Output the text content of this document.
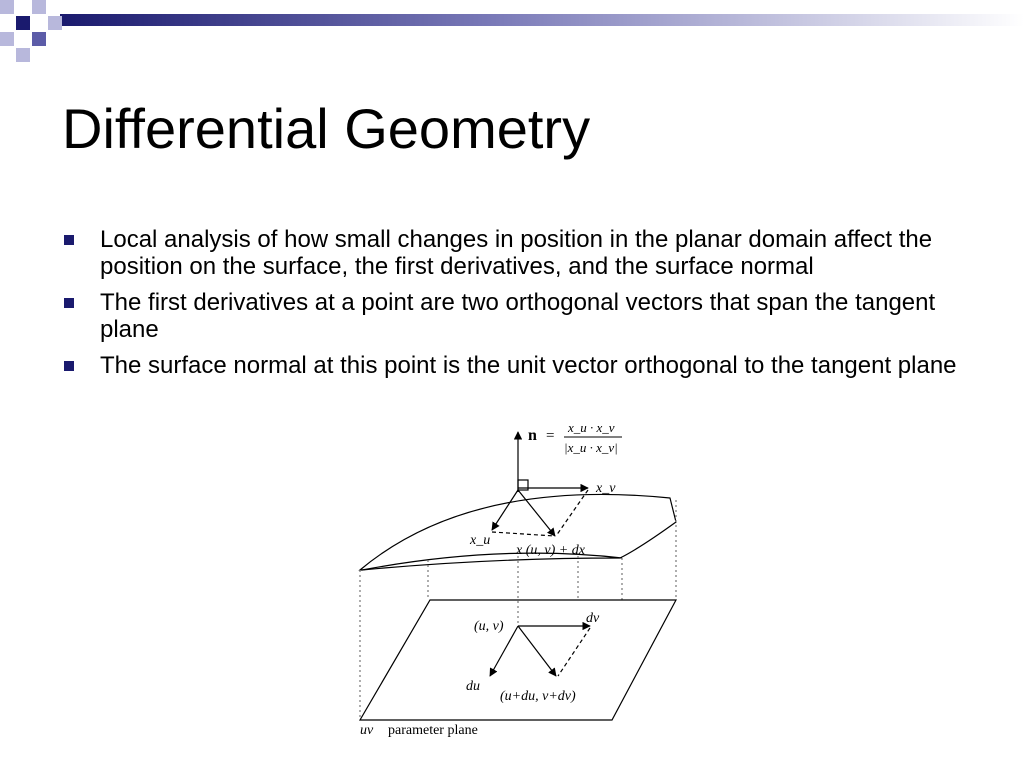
Differential Geometry
Local analysis of how small changes in position in the planar domain affect the position on the surface, the first derivatives, and the surface normal
The first derivatives at a point are two orthogonal vectors that span the tangent plane
The surface normal at this point is the unit vector orthogonal to the tangent plane
n =
x_u · x_v
|x_u · x_v|
x_v
x_u
x (u, v) + dx
(u, v)
dv
du
(u+du, v+dv)
uv parameter plane
